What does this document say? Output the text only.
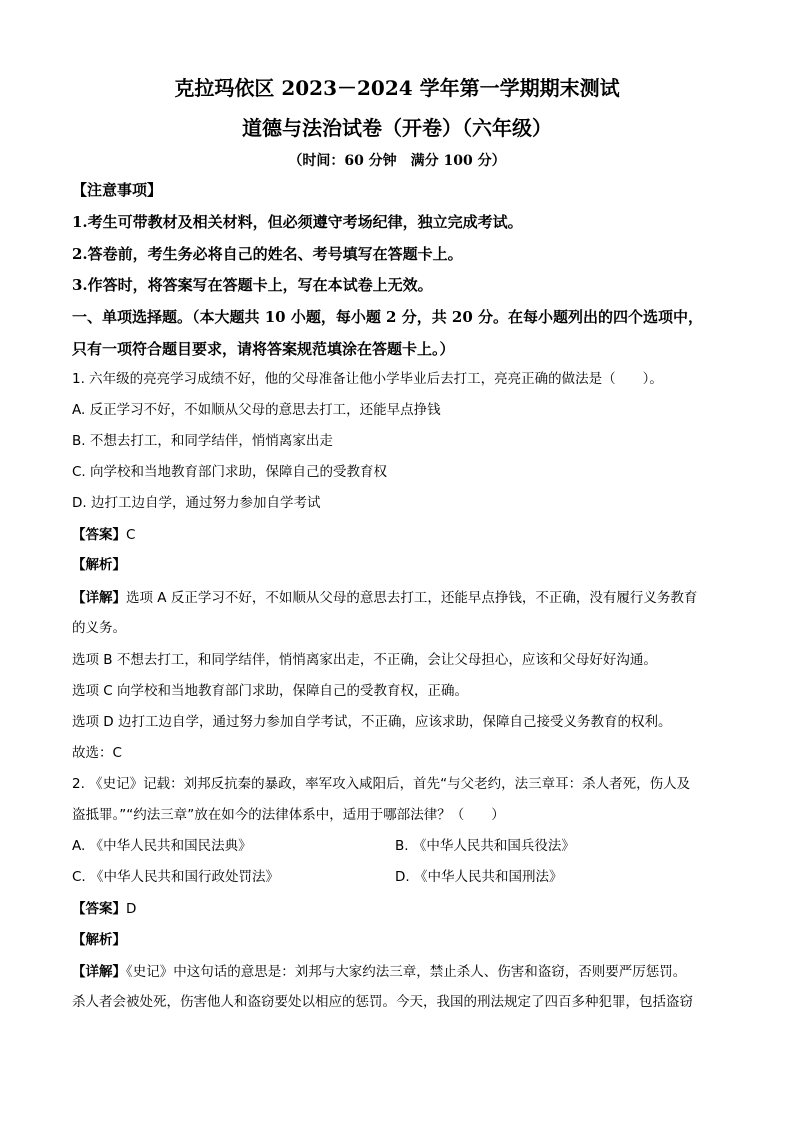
克拉玛依区 2023－2024 学年第一学期期末测试
道德与法治试卷（开卷）（六年级）
（时间：60 分钟　满分 100 分）
【注意事项】
1.考生可带教材及相关材料，但必须遵守考场纪律，独立完成考试。
2.答卷前，考生务必将自己的姓名、考号填写在答题卡上。
3.作答时，将答案写在答题卡上，写在本试卷上无效。
一、单项选择题。（本大题共 10 小题，每小题 2 分，共 20 分。在每小题列出的四个选项中，
只有一项符合题目要求，请将答案规范填涂在答题卡上。）
1. 六年级的亮亮学习成绩不好，他的父母准备让他小学毕业后去打工，亮亮正确的做法是（　　）。
A. 反正学习不好，不如顺从父母的意思去打工，还能早点挣钱
B. 不想去打工，和同学结伴，悄悄离家出走
C. 向学校和当地教育部门求助，保障自己的受教育权
D. 边打工边自学，通过努力参加自学考试
【答案】C
【解析】
【详解】选项 A 反正学习不好，不如顺从父母的意思去打工，还能早点挣钱，不正确，没有履行义务教育
的义务。
选项 B 不想去打工，和同学结伴，悄悄离家出走，不正确，会让父母担心，应该和父母好好沟通。
选项 C 向学校和当地教育部门求助，保障自己的受教育权，正确。
选项 D 边打工边自学，通过努力参加自学考试，不正确，应该求助，保障自己接受义务教育的权利。
故选：C
2. 《史记》记载：刘邦反抗秦的暴政，率军攻入咸阳后，首先“与父老约，法三章耳：杀人者死，伤人及
盗抵罪。”“约法三章”放在如今的法律体系中，适用于哪部法律？（　　）
A. 《中华人民共和国民法典》	B. 《中华人民共和国兵役法》
C. 《中华人民共和国行政处罚法》	D. 《中华人民共和国刑法》
【答案】D
【解析】
【详解】《史记》中这句话的意思是：刘邦与大家约法三章，禁止杀人、伤害和盗窃，否则要严厉惩罚。
杀人者会被处死，伤害他人和盗窃要处以相应的惩罚。今天，我国的刑法规定了四百多种犯罪，包括盗窃
